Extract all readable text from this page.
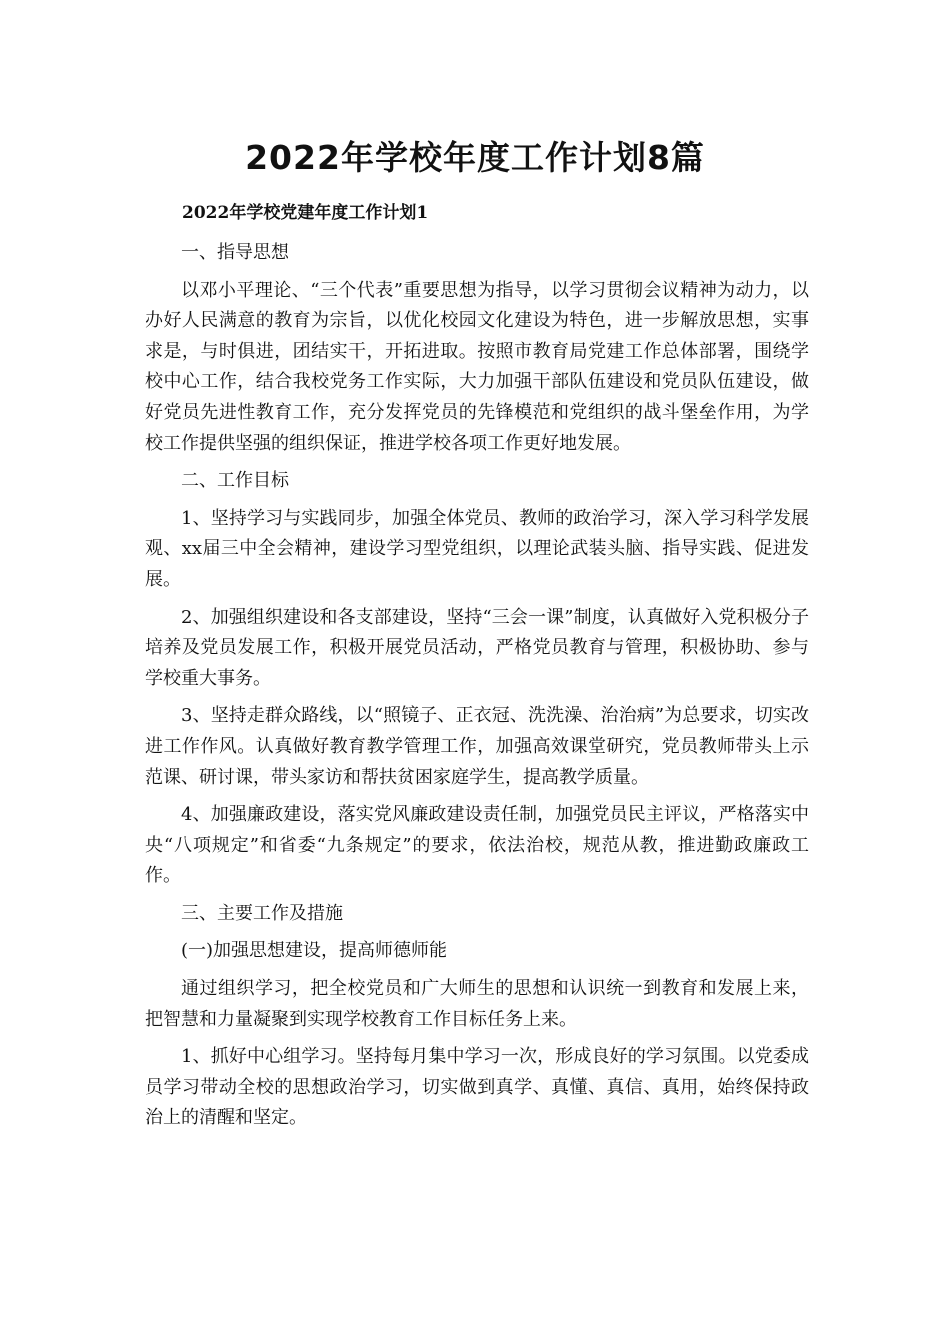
2022年学校年度工作计划8篇
2022年学校党建年度工作计划1

一、指导思想

以邓小平理论、“三个代表”重要思想为指导，以学习贯彻会议精神为动力，以办好人民满意的教育为宗旨，以优化校园文化建设为特色，进一步解放思想，实事求是，与时俱进，团结实干，开拓进取。按照市教育局党建工作总体部署，围绕学校中心工作，结合我校党务工作实际，大力加强干部队伍建设和党员队伍建设，做好党员先进性教育工作，充分发挥党员的先锋模范和党组织的战斗堡垒作用，为学校工作提供坚强的组织保证，推进学校各项工作更好地发展。

二、工作目标

1、坚持学习与实践同步，加强全体党员、教师的政治学习，深入学习科学发展观、xx届三中全会精神，建设学习型党组织，以理论武装头脑、指导实践、促进发展。

2、加强组织建设和各支部建设，坚持“三会一课”制度，认真做好入党积极分子培养及党员发展工作，积极开展党员活动，严格党员教育与管理，积极协助、参与学校重大事务。

3、坚持走群众路线，以“照镜子、正衣冠、洗洗澡、治治病”为总要求，切实改进工作作风。认真做好教育教学管理工作，加强高效课堂研究，党员教师带头上示范课、研讨课，带头家访和帮扶贫困家庭学生，提高教学质量。

4、加强廉政建设，落实党风廉政建设责任制，加强党员民主评议，严格落实中央“八项规定”和省委“九条规定”的要求，依法治校，规范从教，推进勤政廉政工作。

三、主要工作及措施

(一)加强思想建设，提高师德师能

通过组织学习，把全校党员和广大师生的思想和认识统一到教育和发展上来，把智慧和力量凝聚到实现学校教育工作目标任务上来。

1、抓好中心组学习。坚持每月集中学习一次，形成良好的学习氛围。以党委成员学习带动全校的思想政治学习，切实做到真学、真懂、真信、真用，始终保持政治上的清醒和坚定。
